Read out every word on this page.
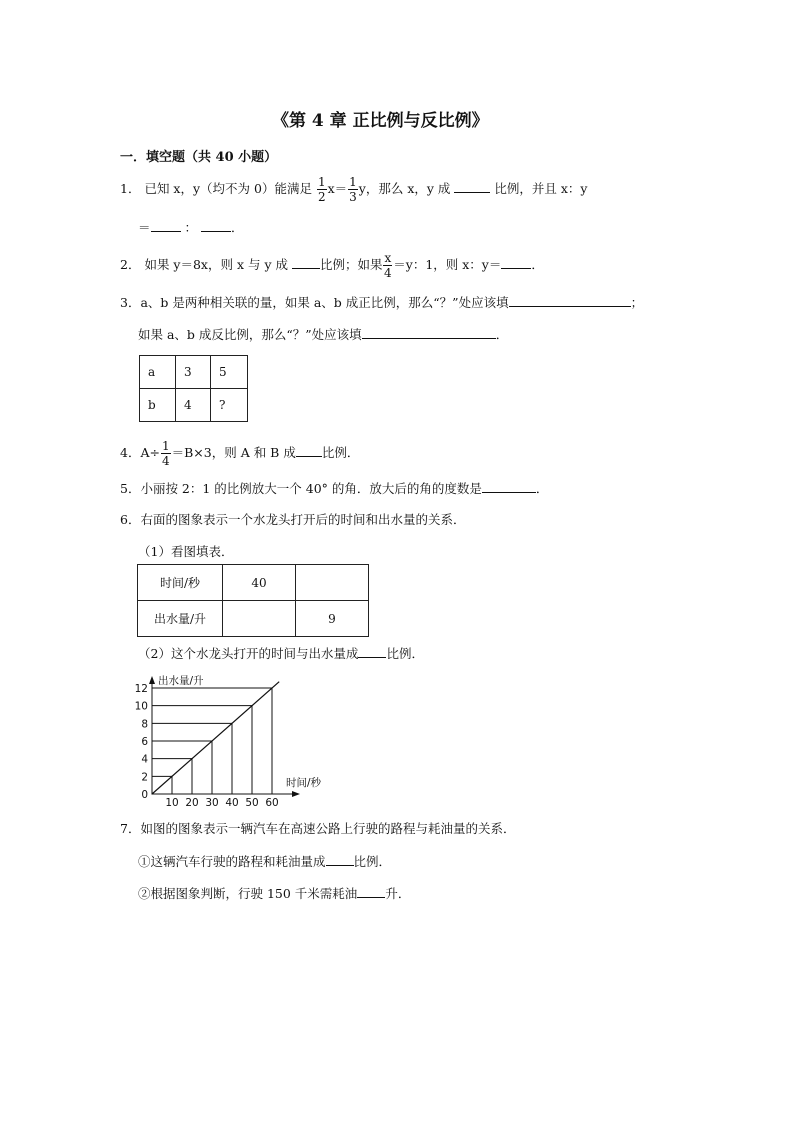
《第 4 章 正比例与反比例》
一．填空题（共 40 小题）
1． 已知 x，y（均不为 0）能满足 $\frac{1}{2} x= \frac{1}{3}$ y，那么 x，y 成	比例，并且 x：y
＝	：	．
2． 如果 y＝8x，则 x 与 y 成	比例；如果 $\frac{x}{4} =y$：1，则 x：y＝ ．
3．a、b 是两种相关联的量，如果 a、b 成正比例，那么“？”处应该填	；
如果 a、b 成反比例，那么“？”处应该填	．
a	3	5
b	4	?
4．$A\div \frac{1}{4} =B\times 3$，则 A 和 B 成 比例．
5．小丽按 2：1 的比例放大一个 40° 的角．放大后的角的度数是	．
6．右面的图象表示一个水龙头打开后的时间和出水量的关系．
（1）看图填表．
时间/秒	40	
出水量/升		9
（2）这个水龙头打开的时间与出水量成 比例．
10 20 30 40 50 60
0
2
4
6
8
10
12
出水量/升
时间/秒
7．如图的图象表示一辆汽车在高速公路上行驶的路程与耗油量的关系．
①这辆汽车行驶的路程和耗油量成 比例．
②根据图象判断，行驶 150 千米需耗油 升．
